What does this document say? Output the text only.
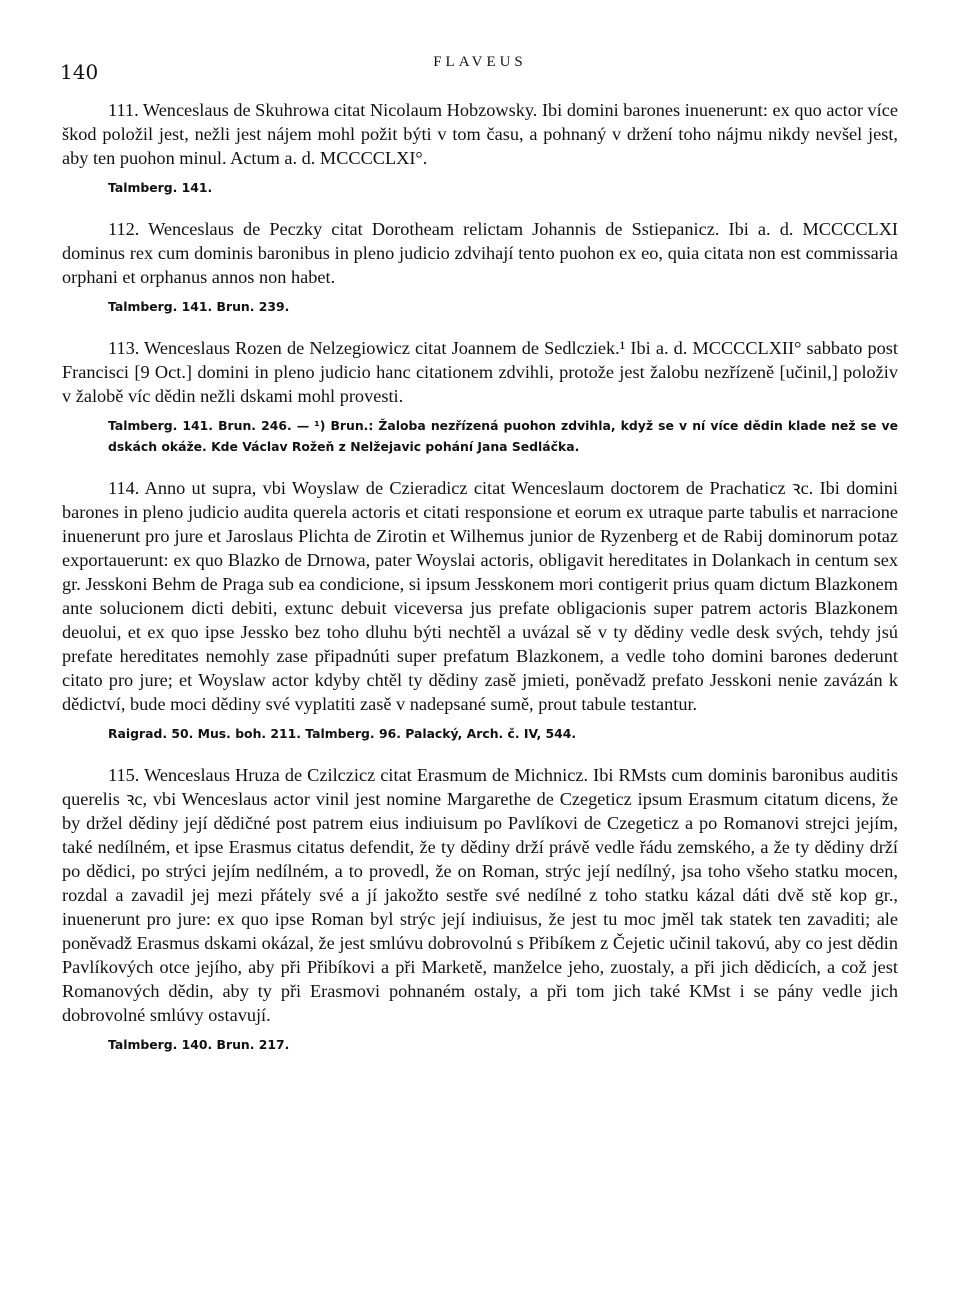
140	FLAVEUS

111. Wenceslaus de Skuhrowa citat Nicolaum Hobzowsky. Ibi domini barones inuenerunt: ex quo actor více škod položil jest, nežli jest nájem mohl požit býti v tom času, a pohnaný v držení toho nájmu nikdy nevšel jest, aby ten puohon minul. Actum a. d. MCCCCLXI°.

Talmberg. 141.

112. Wenceslaus de Peczky citat Dorotheam relictam Johannis de Sstiepanicz. Ibi a. d. MCCCCLXI dominus rex cum dominis baronibus in pleno judicio zdvihají tento puohon ex eo, quia citata non est commissaria orphani et orphanus annos non habet.

Talmberg. 141. Brun. 239.

113. Wenceslaus Rozen de Nelzegiowicz citat Joannem de Sedlcziek.¹ Ibi a. d. MCCCCLXII° sabbato post Francisci [9 Oct.] domini in pleno judicio hanc citationem zdvihli, protože jest žalobu nezřízeně [učinil,] položiv v žalobě víc dědin nežli dskami mohl provesti.

Talmberg. 141. Brun. 246. — ¹) Brun.: Žaloba nezřízená puohon zdvihla, když se v ní více dědin klade než se ve dskách okáže. Kde Václav Rožeň z Nelžejavic pohání Jana Sedláčka.

114. Anno ut supra, vbi Woyslaw de Czieradicz citat Wenceslaum doctorem de Prachaticz ꝛc. Ibi domini barones in pleno judicio audita querela actoris et citati responsione et eorum ex utraque parte tabulis et narracione inuenerunt pro jure et Jaroslaus Plichta de Zirotin et Wilhemus junior de Ryzenberg et de Rabij dominorum potaz exportauerunt: ex quo Blazko de Drnowa, pater Woyslai actoris, obligavit hereditates in Dolankach in centum sex gr. Jesskoni Behm de Praga sub ea condicione, si ipsum Jesskonem mori contigerit prius quam dictum Blazkonem ante solucionem dicti debiti, extunc debuit viceversa jus prefate obligacionis super patrem actoris Blazkonem deuolui, et ex quo ipse Jessko bez toho dluhu býti nechtěl a uvázal sě v ty dědiny vedle desk svých, tehdy jsú prefate hereditates nemohly zase připadnúti super prefatum Blazkonem, a vedle toho domini barones dederunt citato pro jure; et Woyslaw actor kdyby chtěl ty dědiny zasě jmieti, poněvadž prefato Jesskoni nenie zavázán k dědictví, bude moci dědiny své vyplatiti zasě v nadepsané sumě, prout tabule testantur.

Raigrad. 50. Mus. boh. 211. Talmberg. 96. Palacký, Arch. č. IV, 544.

115. Wenceslaus Hruza de Czilczicz citat Erasmum de Michnicz. Ibi RMsts cum dominis baronibus auditis querelis ꝛc, vbi Wenceslaus actor vinil jest nomine Margarethe de Czegeticz ipsum Erasmum citatum dicens, že by držel dědiny její dědičné post patrem eius indiuisum po Pavlíkovi de Czegeticz a po Romanovi strejci jejím, také nedílném, et ipse Erasmus citatus defendit, že ty dědiny drží právě vedle řádu zemského, a že ty dědiny drží po dědici, po strýci jejím nedílném, a to provedl, že on Roman, strýc její nedílný, jsa toho všeho statku mocen, rozdal a zavadil jej mezi přátely své a jí jakožto sestře své nedílné z toho statku kázal dáti dvě stě kop gr., inuenerunt pro jure: ex quo ipse Roman byl strýc její indiuisus, že jest tu moc jměl tak statek ten zavaditi; ale poněvadž Erasmus dskami okázal, že jest smlúvu dobrovolnú s Přibíkem z Čejetic učinil takovú, aby co jest dědin Pavlíkových otce jejího, aby při Přibíkovi a při Marketě, manželce jeho, zuostaly, a při jich dědicích, a což jest Romanových dědin, aby ty při Erasmovi pohnaném ostaly, a při tom jich také KMst i se pány vedle jich dobrovolné smlúvy ostavují.

Talmberg. 140. Brun. 217.
